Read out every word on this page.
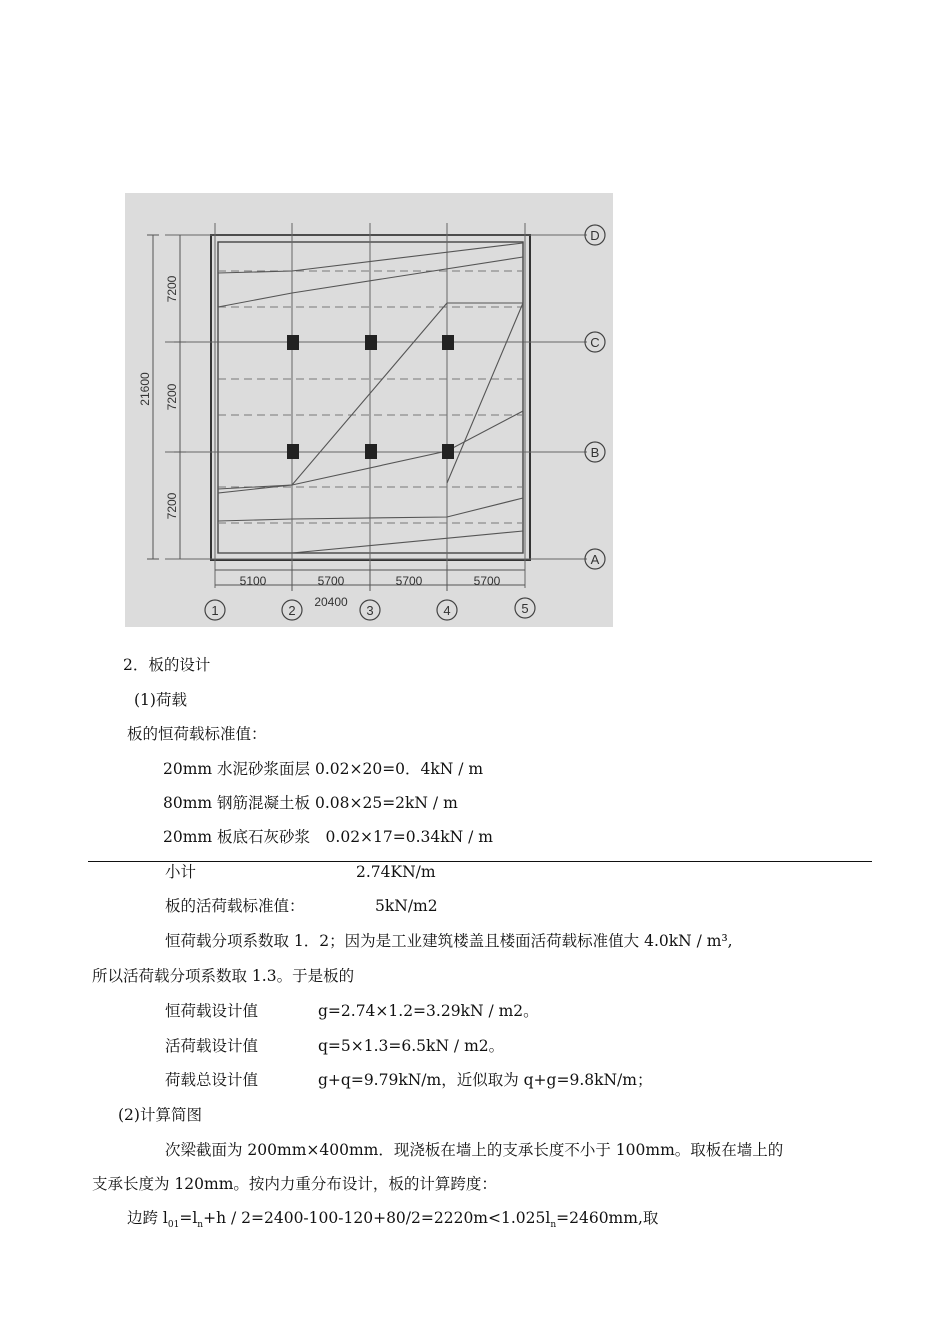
D
C
B
A
1	2	3	4	5
5100	5700	5700	5700
20400
7200
7200
7200
21600
2．板的设计
(1)荷载
板的恒荷载标准值：
20mm 水泥砂浆面层 0.02×20=0．4kN / m
80mm 钢筋混凝土板 0.08×25=2kN / m
20mm 板底石灰砂浆　0.02×17=0.34kN / m
小计	2.74KN/m
板的活荷载标准值：	5kN/m2
恒荷载分项系数取 1．2；因为是工业建筑楼盖且楼面活荷载标准值大 4.0kN / m³,
所以活荷载分项系数取 1.3。于是板的
恒荷载设计值	g=2.74×1.2=3.29kN / m2。
活荷载设计值	q=5×1.3=6.5kN / m2。
荷载总设计值	g+q=9.79kN/m，近似取为 q+g=9.8kN/m；
(2)计算简图
次梁截面为 200mm×400mm．现浇板在墙上的支承长度不小于 100mm。取板在墙上的
支承长度为 120mm。按内力重分布设计，板的计算跨度：
边跨 $l_{01}=l_n+h / 2=2400-100-120+80/2=2220m<1.025l_n=2460mm$,取
